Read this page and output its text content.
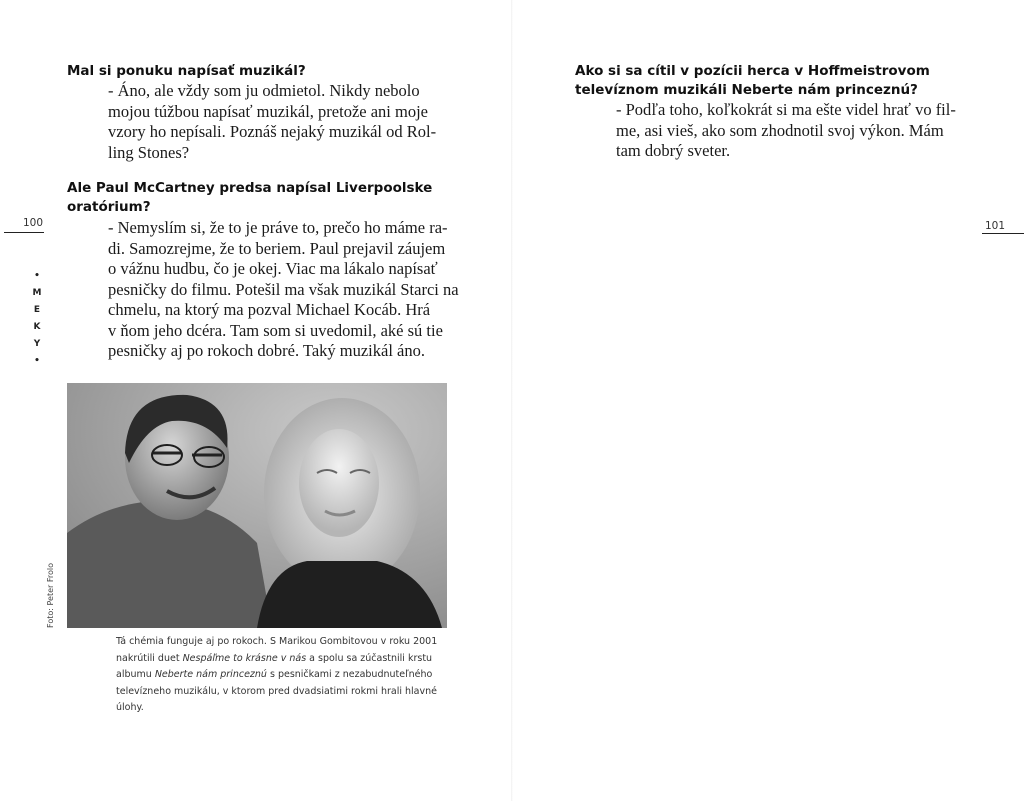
Mal si ponuku napísať muzikál?

- Áno, ale vždy som ju odmietol. Nikdy nebolo
mojou túžbou napísať muzikál, pretože ani moje
vzory ho nepísali. Poznáš nejaký muzikál od Rol-
ling Stones?

Ale Paul McCartney predsa napísal Liverpoolske
oratórium?

- Nemyslím si, že to je práve to, prečo ho máme ra-
di. Samozrejme, že to beriem. Paul prejavil záujem
o vážnu hudbu, čo je okej. Viac ma lákalo napísať
pesničky do filmu. Potešil ma však muzikál Starci na
chmelu, na ktorý ma pozval Michael Kocáb. Hrá
v ňom jeho dcéra. Tam som si uvedomil, aké sú tie
pesničky aj po rokoch dobré. Taký muzikál áno.

100
•
M
E
K
Y
•
Foto: Peter Frolo
Tá chémia funguje aj po rokoch. S Marikou Gombitovou v roku 2001 nakrútili duet Nespáľme to krásne v nás a spolu sa zúčastnili krstu albumu Neberte nám princeznú s pesničkami z nezabudnuteľného televízneho muzikálu, v ktorom pred dvadsiatimi rokmi hrali hlavné úlohy.
Ako si sa cítil v pozícii herca v Hoffmeistrovom
televíznom muzikáli Neberte nám princeznú?

- Podľa toho, koľkokrát si ma ešte videl hrať vo fil-
me, asi vieš, ako som zhodnotil svoj výkon. Mám
tam dobrý sveter.

101
